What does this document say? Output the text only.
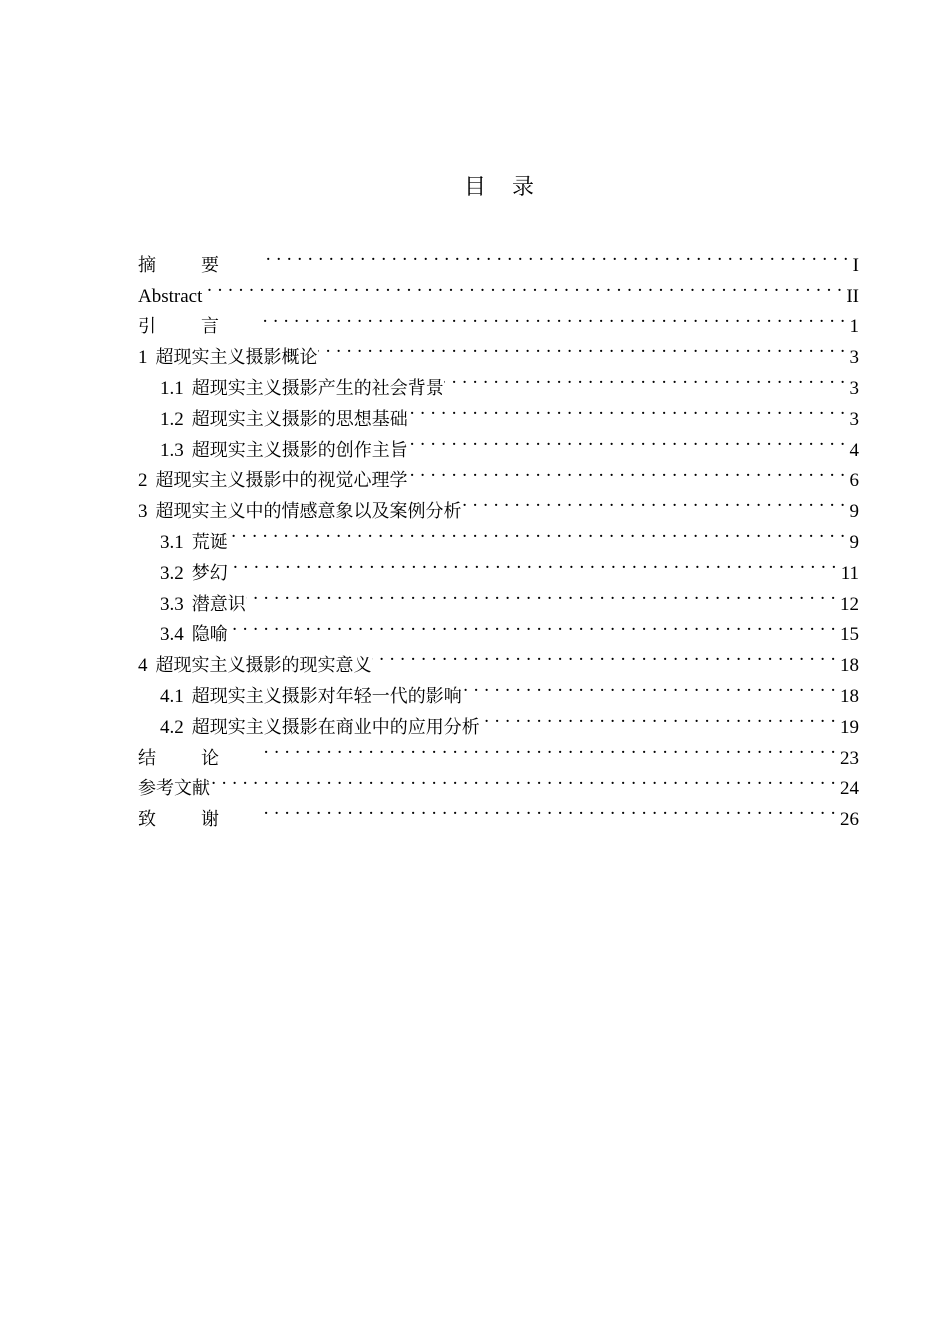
目 录
摘要 . . .	I
Abstract . . .	II
引言 . . .	1
1 超现实主义摄影概论 . . .	3
1.1 超现实主义摄影产生的社会背景 . . .	3
1.2 超现实主义摄影的思想基础 . . .	3
1.3 超现实主义摄影的创作主旨 . . .	4
2 超现实主义摄影中的视觉心理学 . . .	6
3 超现实主义中的情感意象以及案例分析 . . .	9
3.1 荒诞 . . .	9
3.2 梦幻 . . .	11
3.3 潜意识 . . .	12
3.4 隐喻 . . .	15
4 超现实主义摄影的现实意义 . . .	18
4.1 超现实主义摄影对年轻一代的影响 . . .	18
4.2 超现实主义摄影在商业中的应用分析 . . .	19
结论 . . .	23
参考文献 . . .	24
致谢 . . .	26
